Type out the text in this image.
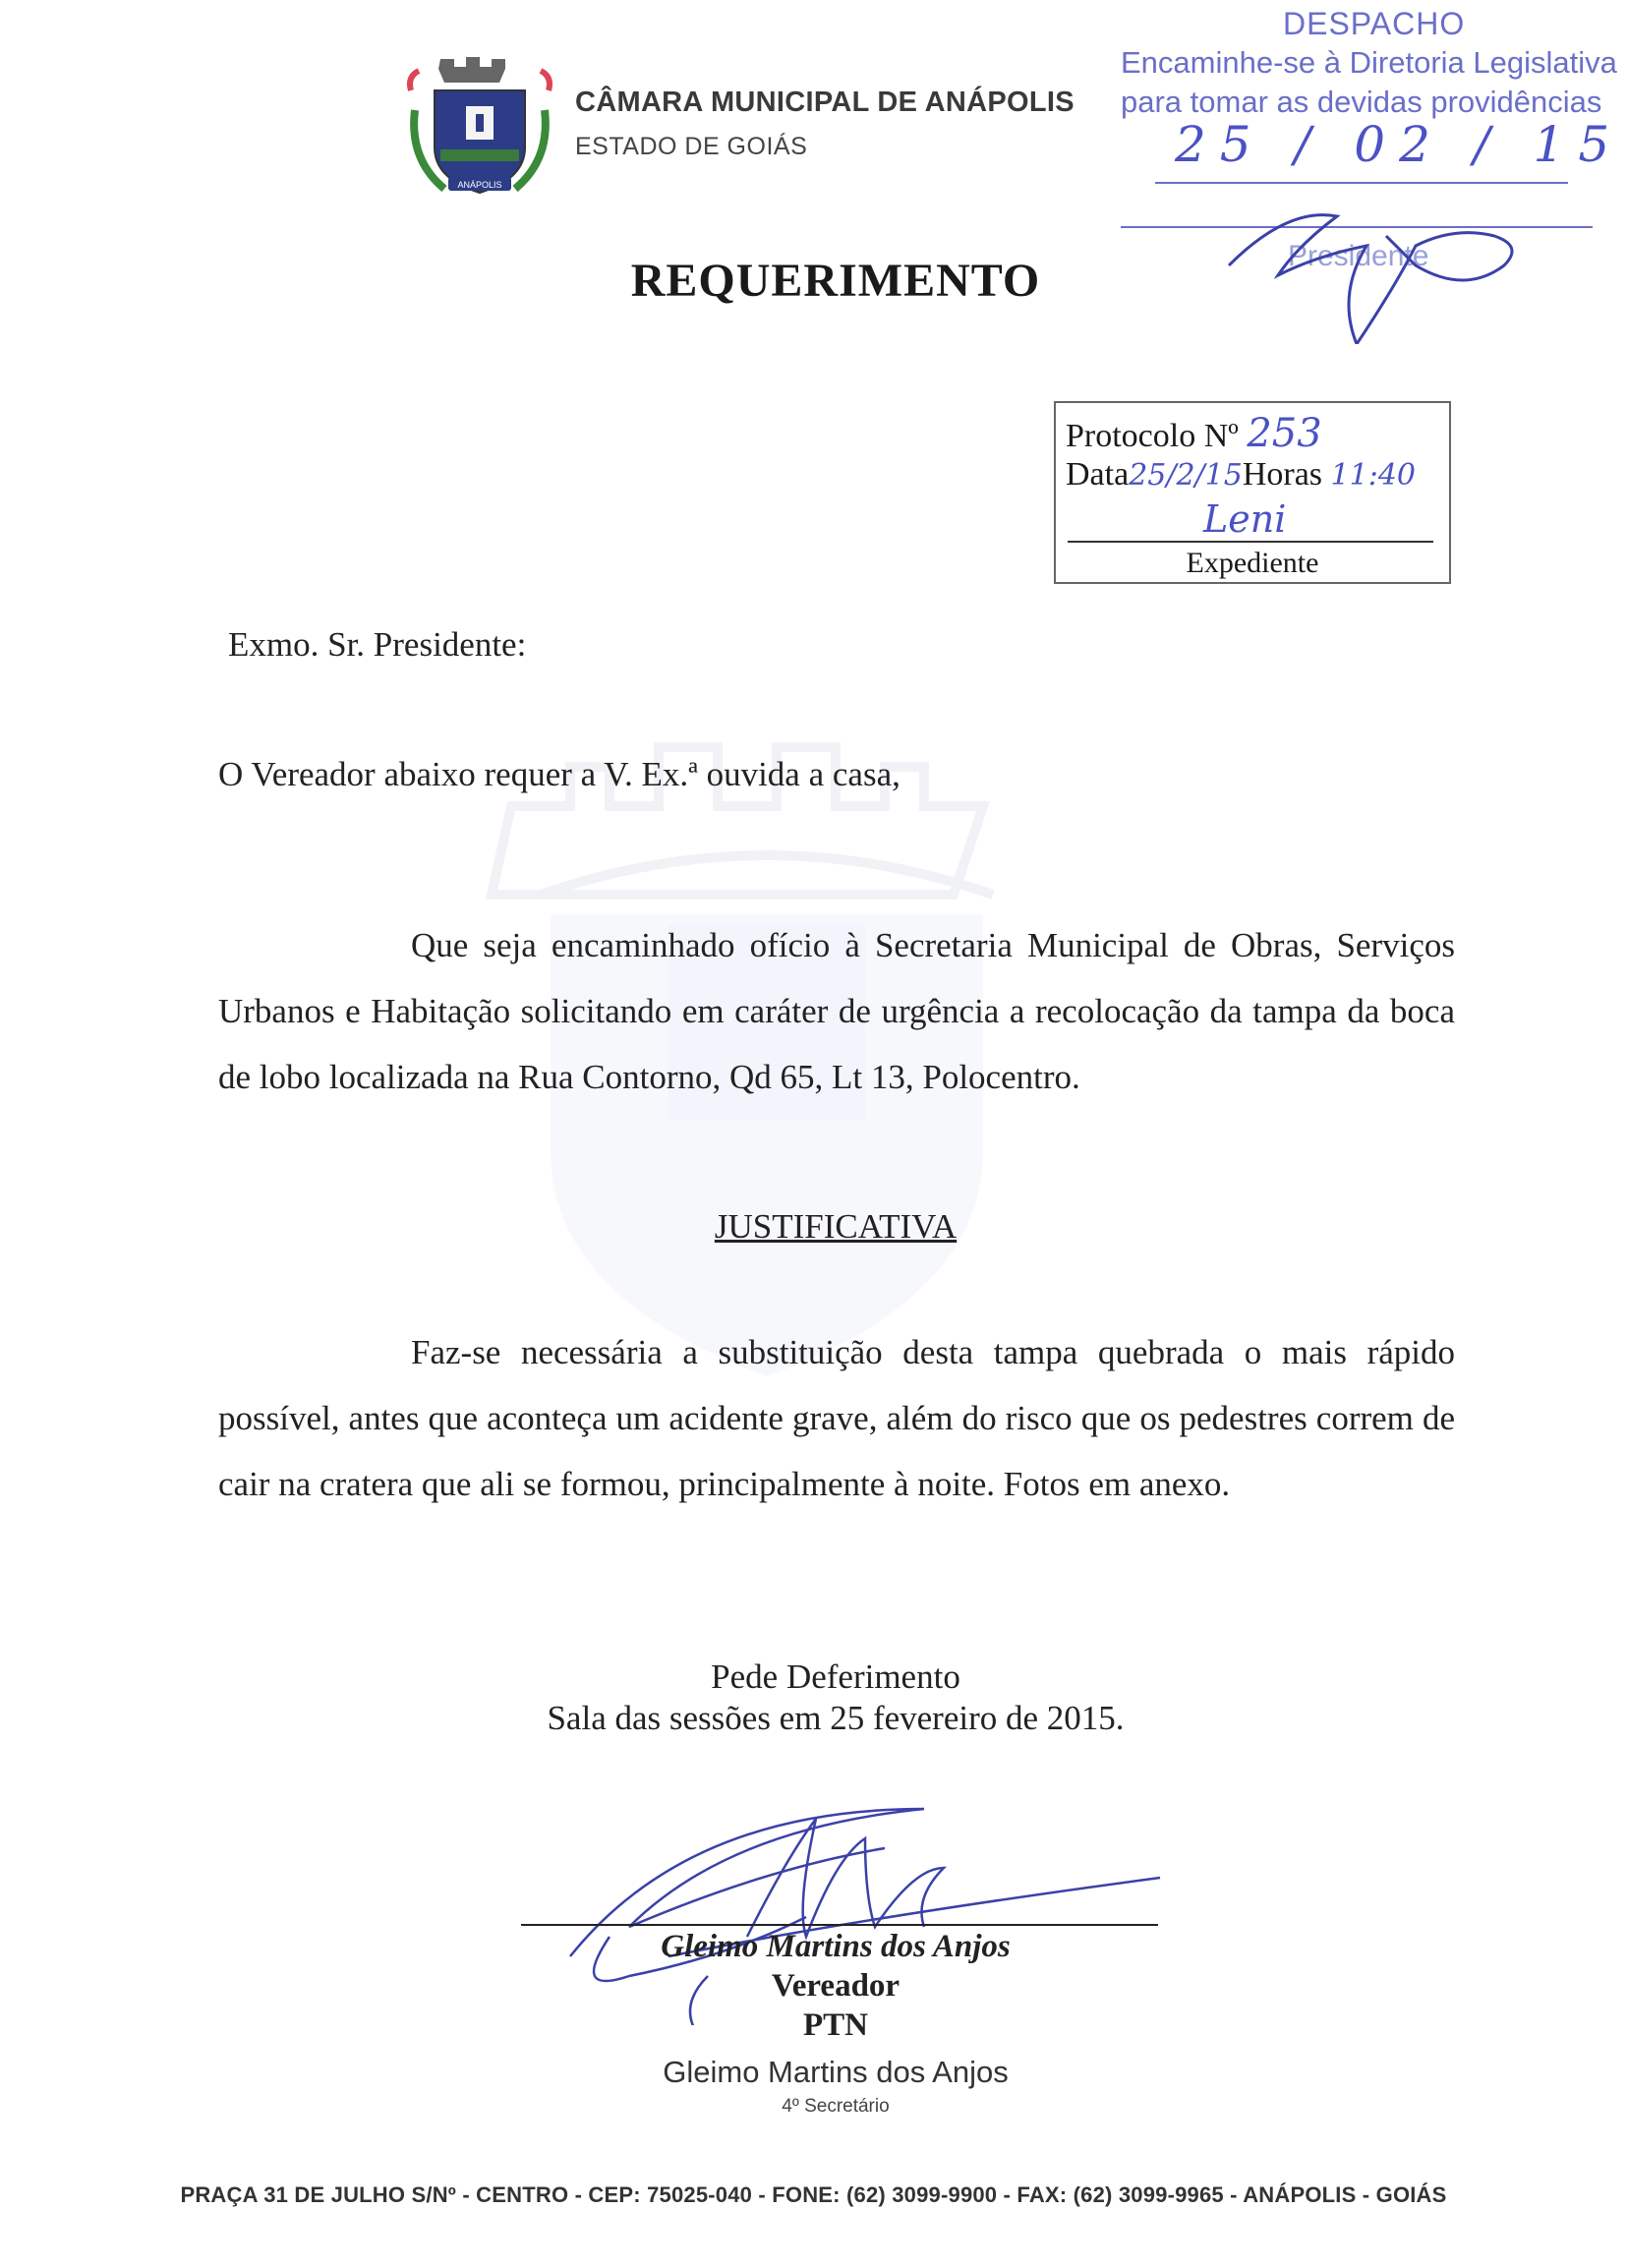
ANÁPOLIS
CÂMARA MUNICIPAL DE ANÁPOLIS
ESTADO DE GOIÁS
DESPACHO
Encaminhe-se à Diretoria Legislativa
para tomar as devidas providências
25 / 02 / 15
Presidente
REQUERIMENTO
Protocolo Nº 253
Data25/2/15Horas 11:40
Leni
Expediente
Exmo. Sr. Presidente:
O Vereador abaixo requer a V. Ex.ª ouvida a casa,
Que seja encaminhado ofício à Secretaria Municipal de Obras, Serviços Urbanos e Habitação solicitando em caráter de urgência a recolocação da tampa da boca de lobo localizada na Rua Contorno, Qd 65, Lt 13, Polocentro.
JUSTIFICATIVA
Faz-se necessária a substituição desta tampa quebrada o mais rápido possível, antes que aconteça um acidente grave, além do risco que os pedestres correm de cair na cratera que ali se formou, principalmente à noite. Fotos em anexo.
Pede Deferimento
Sala das sessões em 25 fevereiro de 2015.
Gleimo Martins dos Anjos
Vereador
PTN
Gleimo Martins dos Anjos
4º Secretário
PRAÇA 31 DE JULHO S/Nº - CENTRO - CEP: 75025-040 - FONE: (62) 3099-9900 - FAX: (62) 3099-9965 - ANÁPOLIS - GOIÁS
